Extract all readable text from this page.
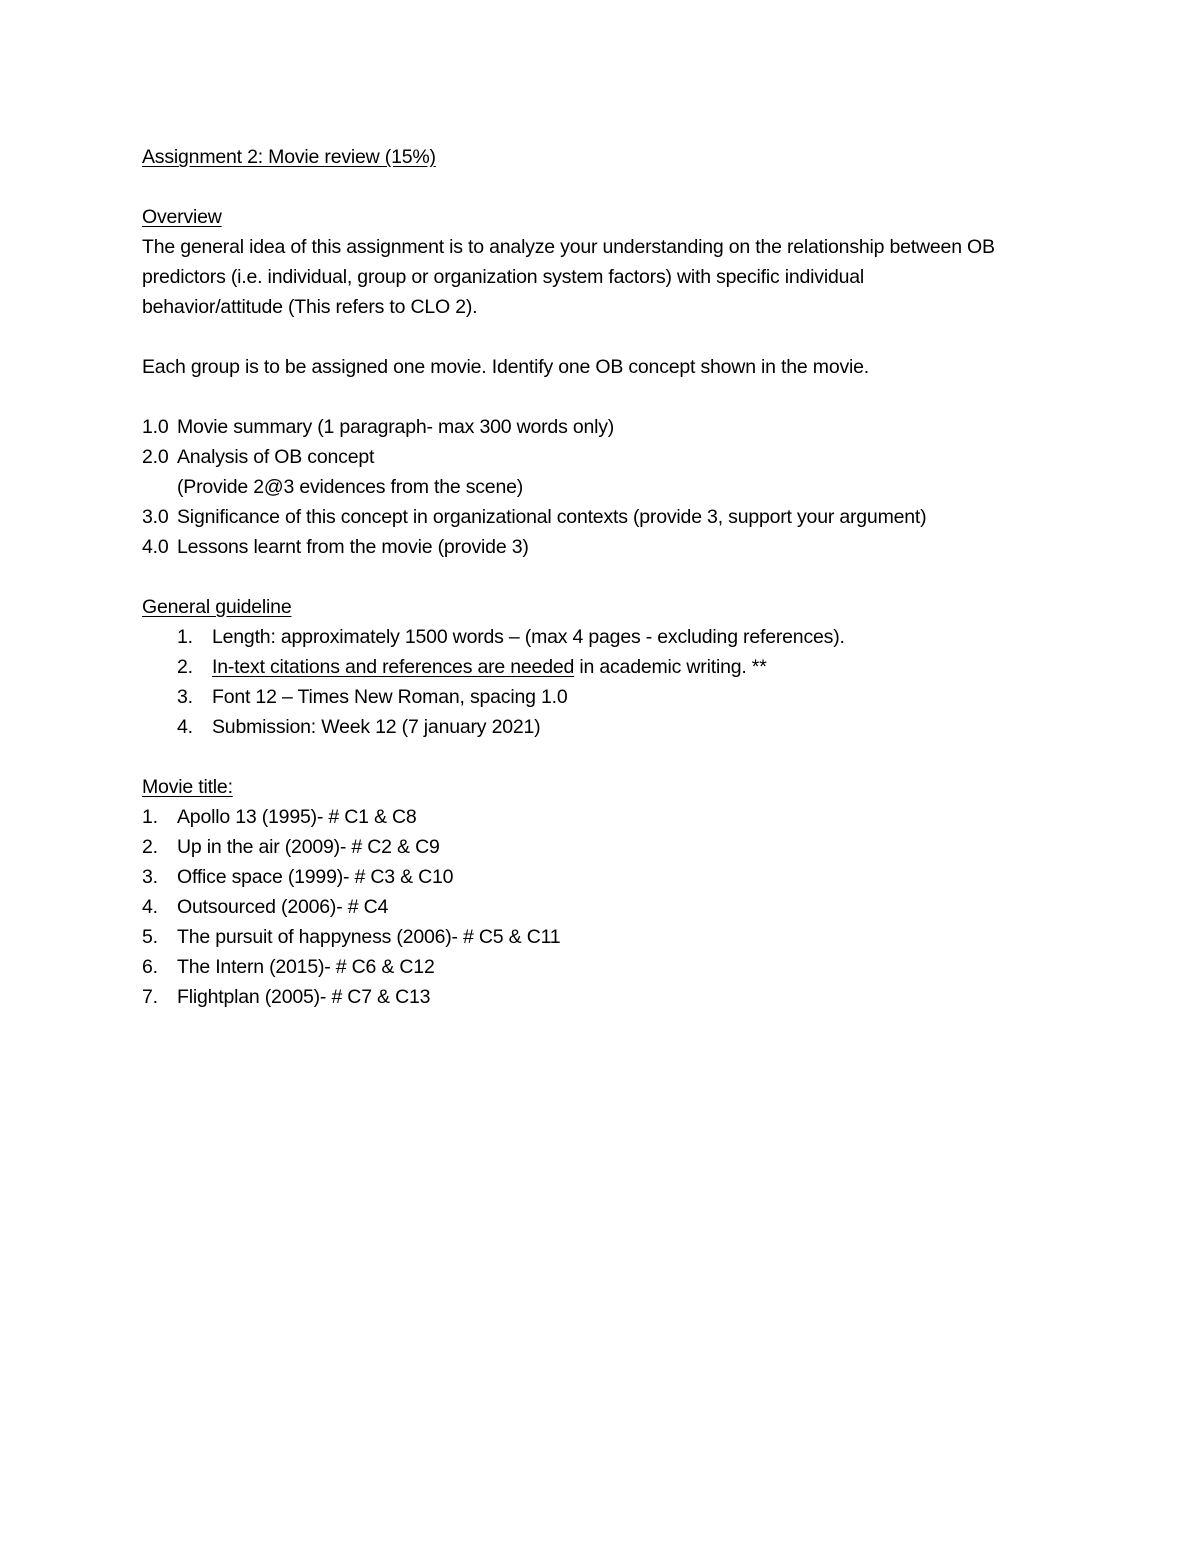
Assignment 2: Movie review (15%)
Overview
The general idea of this assignment is to analyze your understanding on the relationship between OB
predictors (i.e. individual, group or organization system factors) with specific individual
behavior/attitude (This refers to CLO 2).
Each group is to be assigned one movie. Identify one OB concept shown in the movie.
1.0 Movie summary (1 paragraph- max 300 words only)
2.0 Analysis of OB concept
(Provide 2@3 evidences from the scene)
3.0 Significance of this concept in organizational contexts (provide 3, support your argument)
4.0 Lessons learnt from the movie (provide 3)
General guideline
1. Length: approximately 1500 words – (max 4 pages - excluding references).
2. In-text citations and references are needed in academic writing. **
3. Font 12 – Times New Roman, spacing 1.0
4. Submission: Week 12 (7 january 2021)
Movie title:
1. Apollo 13 (1995)- # C1 & C8
2. Up in the air (2009)- # C2 & C9
3. Office space (1999)- # C3 & C10
4. Outsourced (2006)- # C4
5. The pursuit of happyness (2006)- # C5 & C11
6. The Intern (2015)- # C6 & C12
7. Flightplan (2005)- # C7 & C13
